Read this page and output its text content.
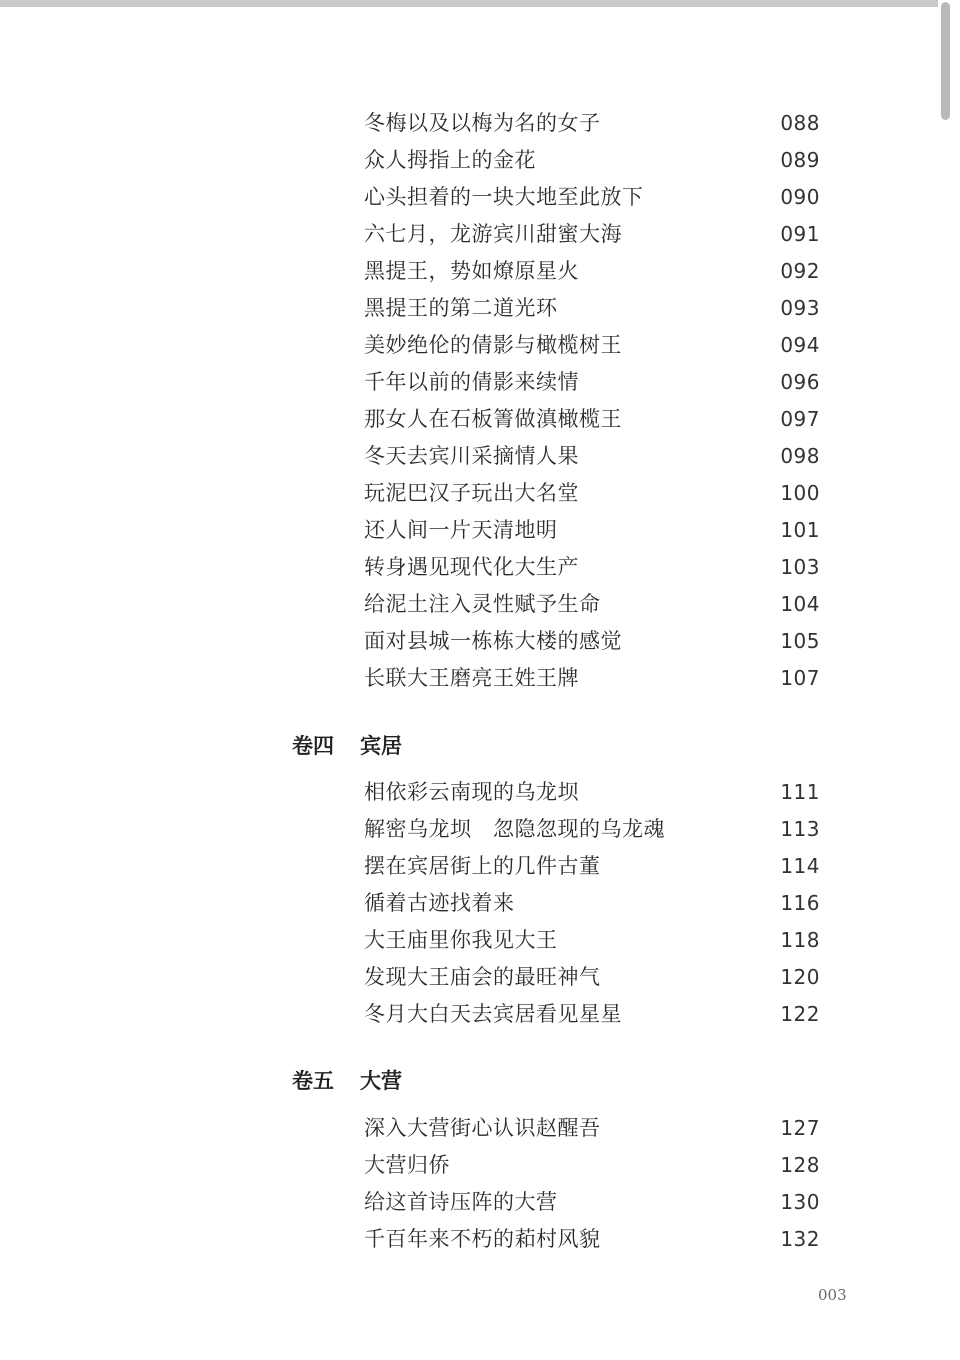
冬梅以及以梅为名的女子	088
众人拇指上的金花	089
心头担着的一块大地至此放下	090
六七月，龙游宾川甜蜜大海	091
黑提王，势如燎原星火	092
黑提王的第二道光环	093
美妙绝伦的倩影与橄榄树王	094
千年以前的倩影来续情	096
那女人在石板箐做滇橄榄王	097
冬天去宾川采摘情人果	098
玩泥巴汉子玩出大名堂	100
还人间一片天清地明	101
转身遇见现代化大生产	103
给泥土注入灵性赋予生命	104
面对县城一栋栋大楼的感觉	105
长联大王磨亮王姓王牌	107
卷四 宾居
相依彩云南现的乌龙坝	111
解密乌龙坝　忽隐忽现的乌龙魂	113
摆在宾居街上的几件古董	114
循着古迹找着来	116
大王庙里你我见大王	118
发现大王庙会的最旺神气	120
冬月大白天去宾居看见星星	122
卷五 大营
深入大营街心认识赵醒吾	127
大营归侨	128
给这首诗压阵的大营	130
千百年来不朽的萂村风貌	132
003
